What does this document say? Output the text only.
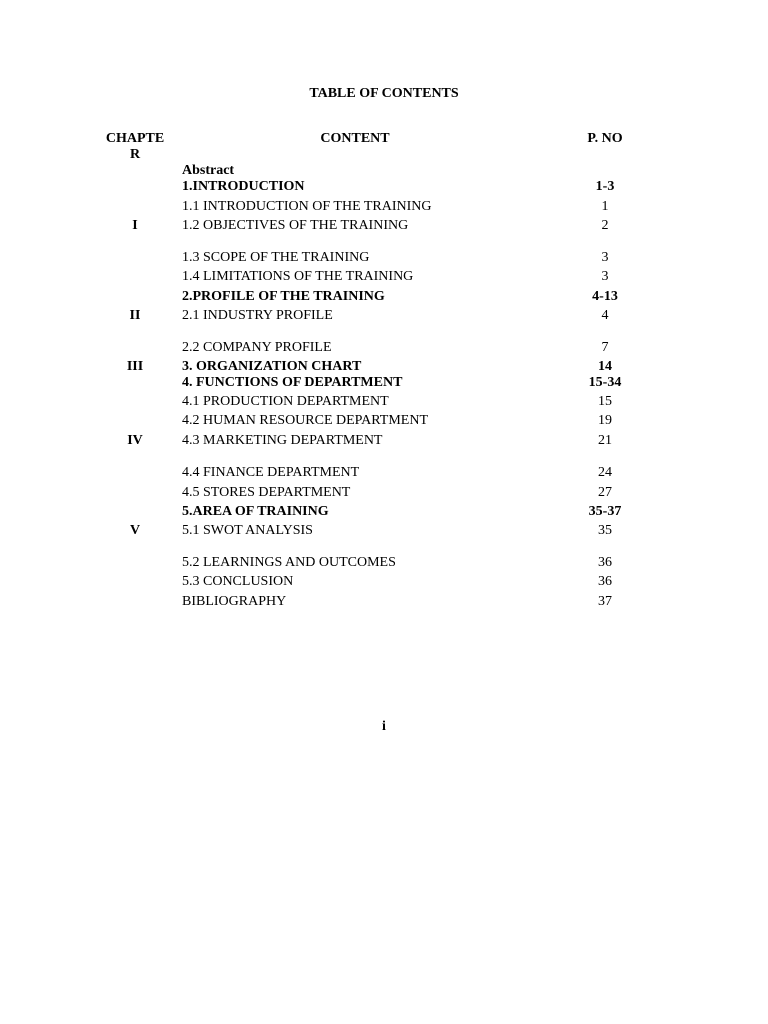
TABLE OF CONTENTS
CHAPTE
R
CONTENT	P. NO
Abstract
1.INTRODUCTION	1-3
1.1 INTRODUCTION OF THE TRAINING	1
I	1.2 OBJECTIVES OF THE TRAINING	2
1.3 SCOPE OF THE TRAINING	3
1.4 LIMITATIONS OF THE TRAINING	3
2.PROFILE OF THE TRAINING	4-13
II	2.1 INDUSTRY PROFILE	4
2.2 COMPANY PROFILE	7
III	3. ORGANIZATION CHART	14
4. FUNCTIONS OF DEPARTMENT	15-34
4.1 PRODUCTION DEPARTMENT	15
4.2 HUMAN RESOURCE DEPARTMENT	19
IV	4.3 MARKETING DEPARTMENT	21
4.4 FINANCE DEPARTMENT	24
4.5 STORES DEPARTMENT	27
5.AREA OF TRAINING	35-37
V	5.1 SWOT ANALYSIS	35
5.2 LEARNINGS AND OUTCOMES	36
5.3 CONCLUSION	36
BIBLIOGRAPHY	37
i
